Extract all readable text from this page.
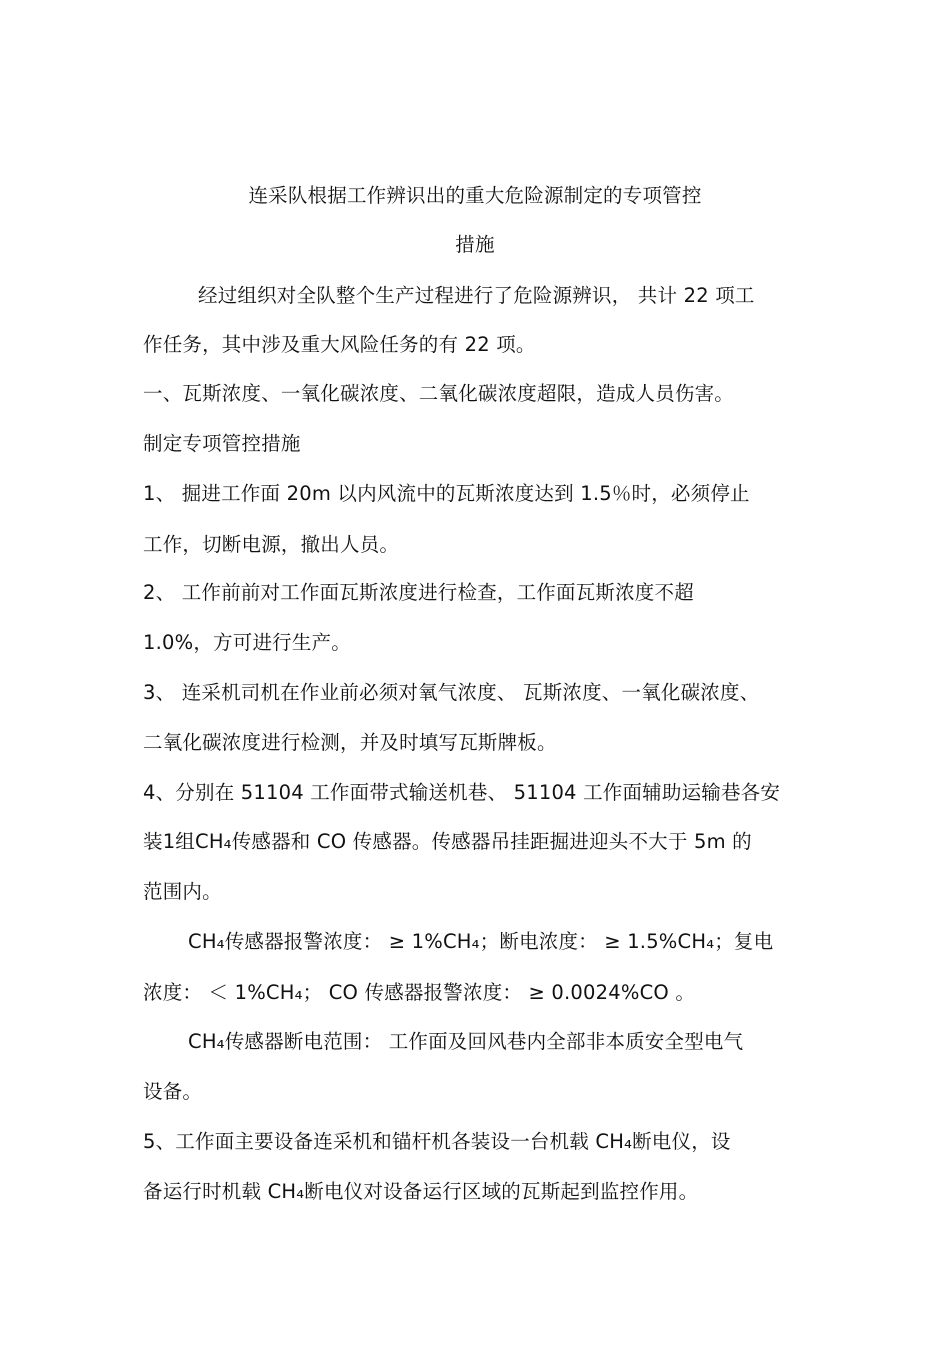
连采队根据工作辨识出的重大危险源制定的专项管控
措施
经过组织对全队整个生产过程进行了危险源辨识， 共计 22 项工
作任务，其中涉及重大风险任务的有 22 项。
一、瓦斯浓度、一氧化碳浓度、二氧化碳浓度超限，造成人员伤害。
制定专项管控措施
1、 掘进工作面 20m 以内风流中的瓦斯浓度达到 1.5％时，必须停止
工作，切断电源，撤出人员。
2、 工作前前对工作面瓦斯浓度进行检查，工作面瓦斯浓度不超
1.0%，方可进行生产。
3、 连采机司机在作业前必须对氧气浓度、 瓦斯浓度、一氧化碳浓度、
二氧化碳浓度进行检测，并及时填写瓦斯牌板。
4、分别在 51104 工作面带式输送机巷、 51104 工作面辅助运输巷各安
装1组CH₄传感器和 CO 传感器。传感器吊挂距掘进迎头不大于 5m 的
范围内。
CH₄传感器报警浓度： ≥ 1%CH₄；断电浓度： ≥ 1.5%CH₄；复电
浓度： ＜ 1%CH₄； CO 传感器报警浓度： ≥ 0.0024%CO 。
CH₄传感器断电范围： 工作面及回风巷内全部非本质安全型电气
设备。
5、工作面主要设备连采机和锚杆机各装设一台机载 CH₄断电仪，设
备运行时机载 CH₄断电仪对设备运行区域的瓦斯起到监控作用。
